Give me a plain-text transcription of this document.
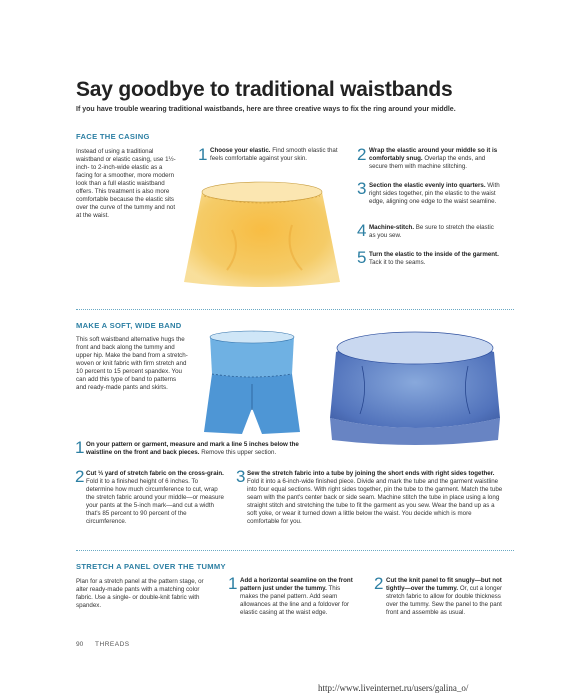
Say goodbye to traditional waistbands
If you have trouble wearing traditional waistbands, here are three creative ways to fix the ring around your middle.
FACE THE CASING
Instead of using a traditional waistband or elastic casing, use 1½-inch- to 2-inch-wide elastic as a facing for a smoother, more modern look than a full elastic waistband offers. This treatment is also more comfortable because the elastic sits over the curve of the tummy and not at the waist.
1 Choose your elastic. Find smooth elastic that feels comfortable against your skin.	2 Wrap the elastic around your middle so it is comfortably snug. Overlap the ends, and secure them with machine stitching.
3 Section the elastic evenly into quarters. With right sides together, pin the elastic to the waist edge, aligning one edge to the waist seamline.
4 Machine-stitch. Be sure to stretch the elastic as you sew.
5 Turn the elastic to the inside of the garment. Tack it to the seams.
MAKE A SOFT, WIDE BAND
This soft waistband alternative hugs the front and back along the tummy and upper hip. Make the band from a stretch-woven or knit fabric with firm stretch and 10 percent to 15 percent spandex. You can add this type of band to patterns and ready-made pants and skirts.
1 On your pattern or garment, measure and mark a line 5 inches below the waistline on the front and back pieces. Remove this upper section.
2 Cut ⅓ yard of stretch fabric on the cross-grain. Fold it to a finished height of 6 inches. To determine how much circumference to cut, wrap the stretch fabric around your middle—or measure your pants at the 5-inch mark—and cut a width that's 85 percent to 90 percent of the circumference.
3 Sew the stretch fabric into a tube by joining the short ends with right sides together. Fold it into a 6-inch-wide finished piece. Divide and mark the tube and the garment waistline into four equal sections. With right sides together, pin the tube to the garment. Match the tube seam with the pant's center back or side seam. Machine stitch the tube in place using a long straight stitch and stretching the tube to fit the garment as you sew. Wear the band up as a soft yoke, or wear it turned down a little below the waist. You decide which is more comfortable for you.
STRETCH A PANEL OVER THE TUMMY
Plan for a stretch panel at the pattern stage, or alter ready-made pants with a matching color fabric. Use a single- or double-knit fabric with spandex.
1 Add a horizontal seamline on the front pattern just under the tummy. This makes the panel pattern. Add seam allowances at the line and a foldover for elastic casing at the waist edge.
2 Cut the knit panel to fit snugly—but not tightly—over the tummy. Or, cut a longer stretch fabric to allow for double thickness over the tummy. Sew the panel to the pant front and assemble as usual.
90 THREADS
http://www.liveinternet.ru/users/galina_o/
